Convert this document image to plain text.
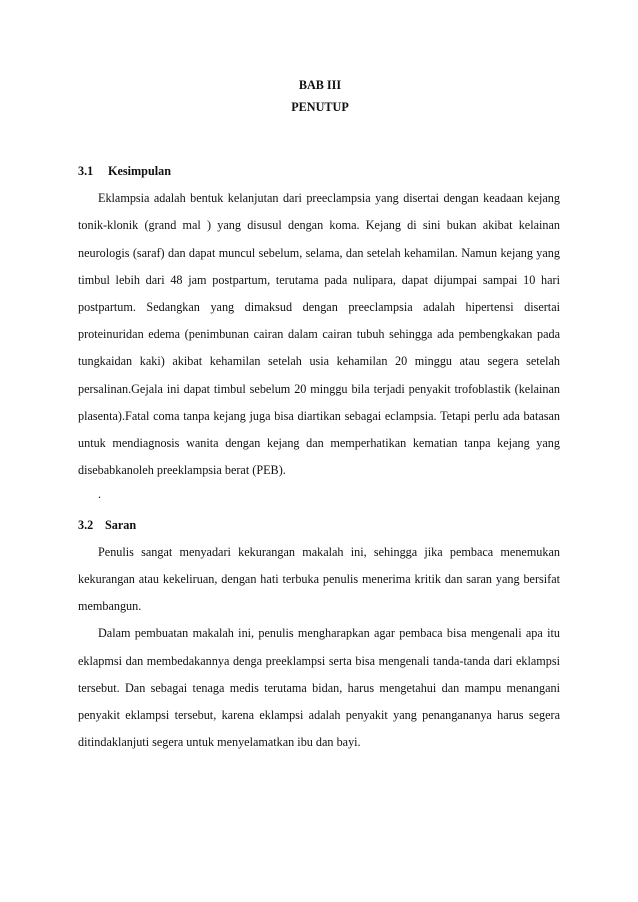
BAB III
PENUTUP

3.1 Kesimpulan

Eklampsia adalah bentuk kelanjutan dari preeclampsia yang disertai dengan keadaan kejang tonik-klonik (grand mal ) yang disusul dengan koma. Kejang di sini bukan akibat kelainan neurologis (saraf) dan dapat muncul sebelum, selama, dan setelah kehamilan. Namun kejang yang timbul lebih dari 48 jam postpartum, terutama pada nulipara, dapat dijumpai sampai 10 hari postpartum. Sedangkan yang dimaksud dengan preeclampsia adalah hipertensi disertai proteinuridan edema (penimbunan cairan dalam cairan tubuh sehingga ada pembengkakan pada tungkaidan kaki) akibat kehamilan setelah usia kehamilan 20 minggu atau segera setelah persalinan.Gejala ini dapat timbul sebelum 20 minggu bila terjadi penyakit trofoblastik (kelainan plasenta).Fatal coma tanpa kejang juga bisa diartikan sebagai eclampsia. Tetapi perlu ada batasan untuk mendiagnosis wanita dengan kejang dan memperhatikan kematian tanpa kejang yang disebabkanoleh preeklampsia berat (PEB).

.

3.2 Saran

Penulis sangat menyadari kekurangan makalah ini, sehingga jika pembaca menemukan kekurangan atau kekeliruan, dengan hati terbuka penulis menerima kritik dan saran yang bersifat membangun.

Dalam pembuatan makalah ini, penulis mengharapkan agar pembaca bisa mengenali apa itu eklapmsi dan membedakannya denga preeklampsi serta bisa mengenali tanda-tanda dari eklampsi tersebut. Dan sebagai tenaga medis terutama bidan, harus mengetahui dan mampu menangani penyakit eklampsi tersebut, karena eklampsi adalah penyakit yang penangananya harus segera ditindaklanjuti segera untuk menyelamatkan ibu dan bayi.
